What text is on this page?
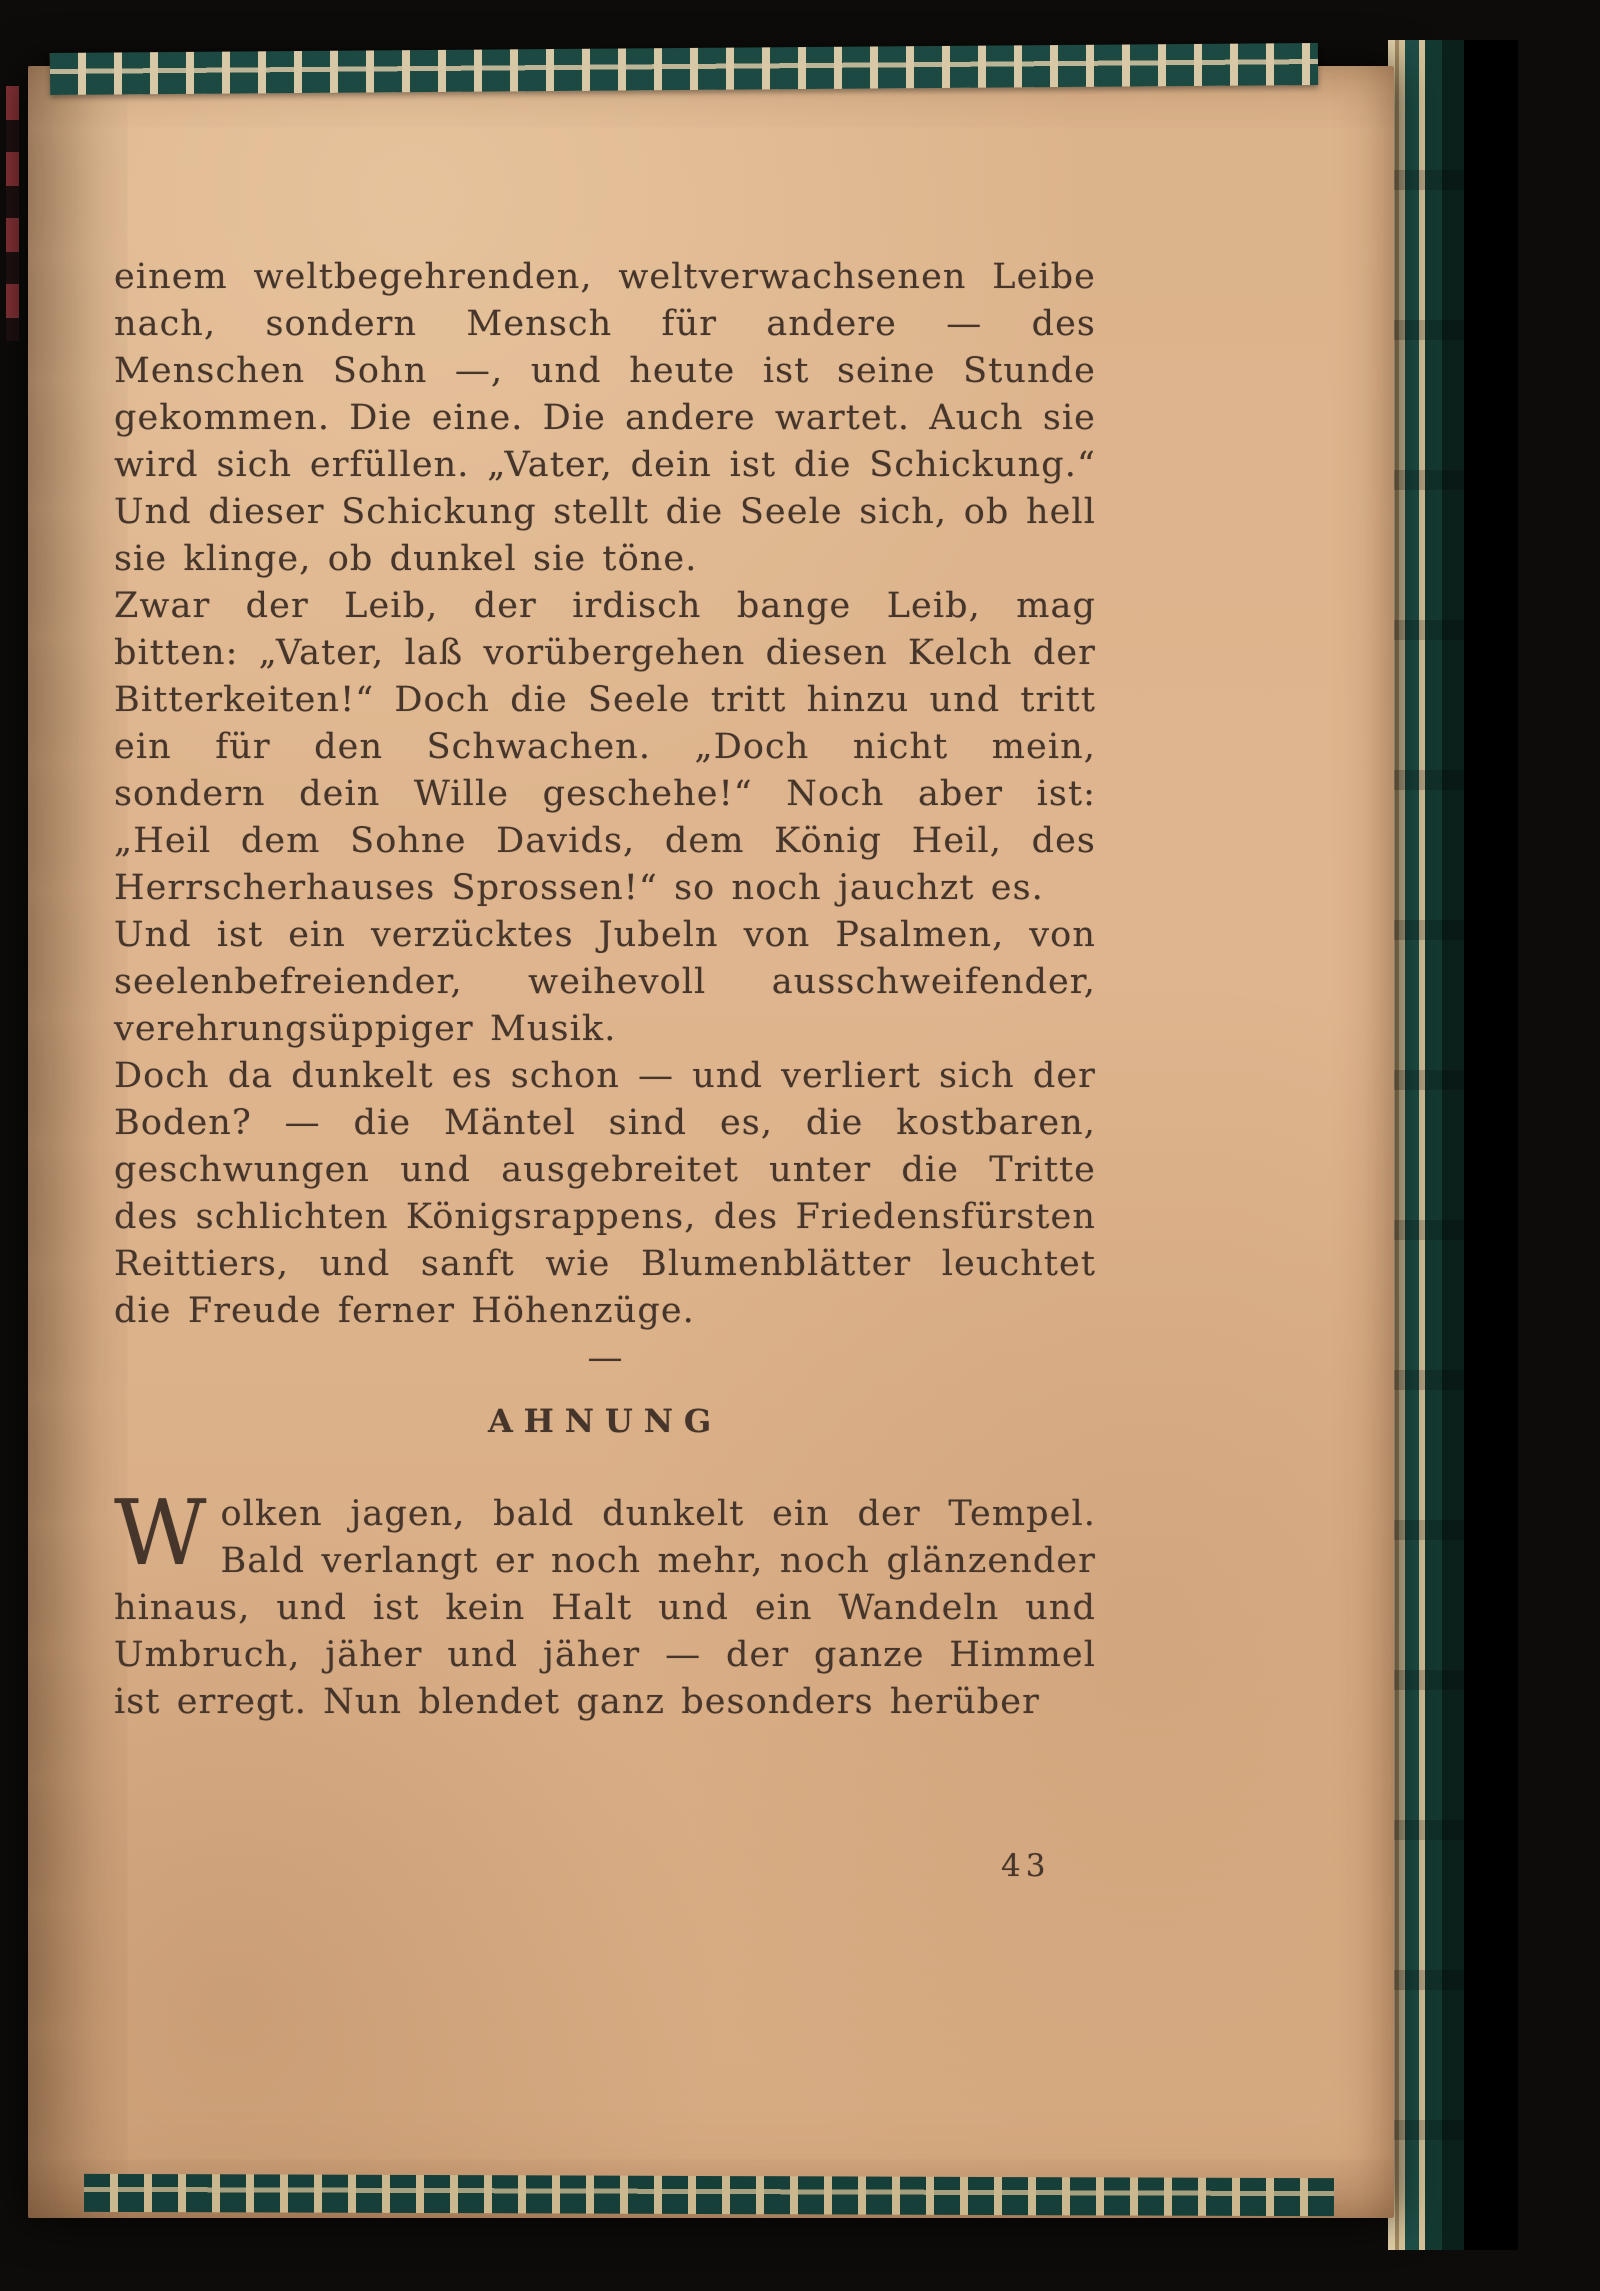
einem weltbegehrenden, weltverwachsenen Leibe nach, sondern Mensch für andere — des Menschen Sohn —, und heute ist seine Stunde gekommen. Die eine. Die andere wartet. Auch sie wird sich erfüllen. „Vater, dein ist die Schickung.“ Und dieser Schickung stellt die Seele sich, ob hell sie klinge, ob dunkel sie töne.

Zwar der Leib, der irdisch bange Leib, mag bitten: „Vater, laß vorübergehen diesen Kelch der Bitterkeiten!“ Doch die Seele tritt hinzu und tritt ein für den Schwachen. „Doch nicht mein, sondern dein Wille geschehe!“ Noch aber ist: „Heil dem Sohne Davids, dem König Heil, des Herrscherhauses Sprossen!“ so noch jauchzt es.

Und ist ein verzücktes Jubeln von Psalmen, von seelenbefreiender, weihevoll ausschweifender, verehrungsüppiger Musik.

Doch da dunkelt es schon — und verliert sich der Boden? — die Mäntel sind es, die kostbaren, geschwungen und ausgebreitet unter die Tritte des schlichten Königsrappens, des Friedensfürsten Reittiers, und sanft wie Blumenblätter leuchtet die Freude ferner Höhenzüge.

—
AHNUNG

Wolken jagen, bald dunkelt ein der Tempel. Bald verlangt er noch mehr, noch glänzender hinaus, und ist kein Halt und ein Wandeln und Umbruch, jäher und jäher — der ganze Himmel ist erregt. Nun blendet ganz besonders herüber

43
